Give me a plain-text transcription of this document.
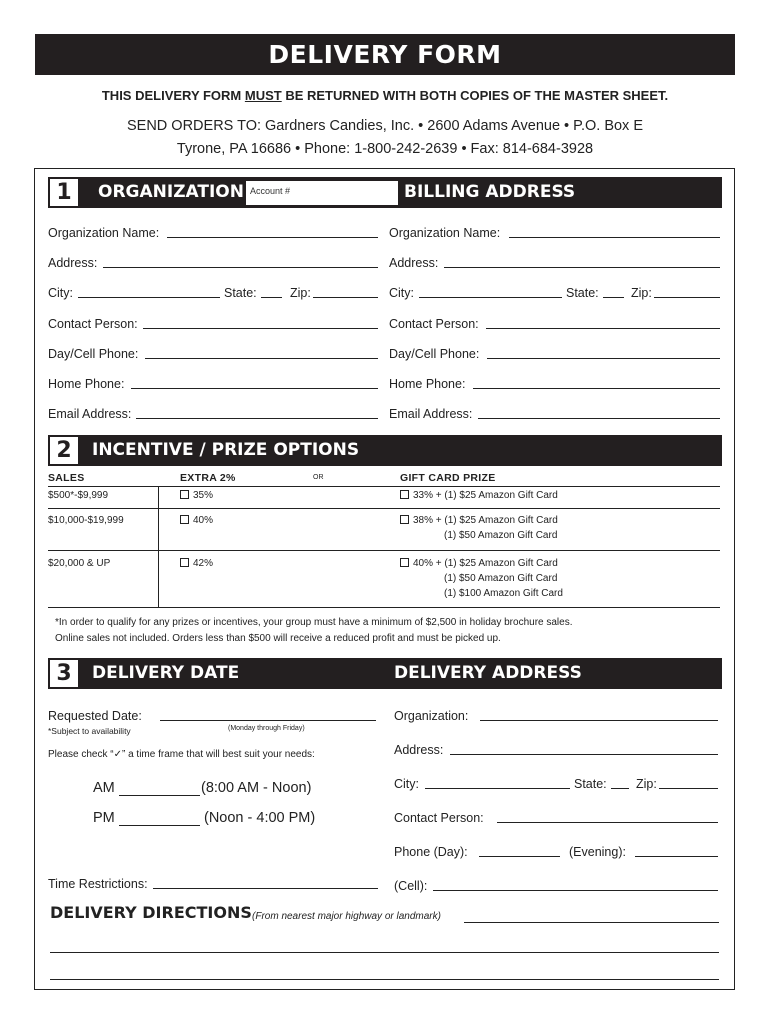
DELIVERY FORM
THIS DELIVERY FORM MUST BE RETURNED WITH BOTH COPIES OF THE MASTER SHEET.
SEND ORDERS TO: Gardners Candies, Inc. • 2600 Adams Avenue • P.O. Box E
Tyrone, PA 16686 • Phone: 1-800-242-2639 • Fax: 814-684-3928
1	ORGANIZATION Account #	BILLING ADDRESS
Organization Name:
Address:
City:	State:	Zip:
Contact Person:
Day/Cell Phone:
Home Phone:
Email Address:
Organization Name:
Address:
City:	State:	Zip:
Contact Person:
Day/Cell Phone:
Home Phone:
Email Address:
2	INCENTIVE / PRIZE OPTIONS
SALES	EXTRA 2%	OR	GIFT CARD PRIZE
$500*-$9,999	35%	33% + (1) $25 Amazon Gift Card
$10,000-$19,999	40%	38% + (1) $25 Amazon Gift Card
(1) $50 Amazon Gift Card
$20,000 & UP	42%	40% + (1) $25 Amazon Gift Card
(1) $50 Amazon Gift Card
(1) $100 Amazon Gift Card
*In order to qualify for any prizes or incentives, your group must have a minimum of $2,500 in holiday brochure sales.
Online sales not included. Orders less than $500 will receive a reduced profit and must be picked up.
3	DELIVERY DATE	DELIVERY ADDRESS
Requested Date:
*Subject to availability	(Monday through Friday)
Please check “✓” a time frame that will best suit your needs:
AM	(8:00 AM - Noon)
PM	(Noon - 4:00 PM)
Time Restrictions:
Organization:
Address:
City:	State: Zip:
Contact Person:
Phone (Day):	(Evening):
(Cell):
DELIVERY DIRECTIONS (From nearest major highway or landmark)
